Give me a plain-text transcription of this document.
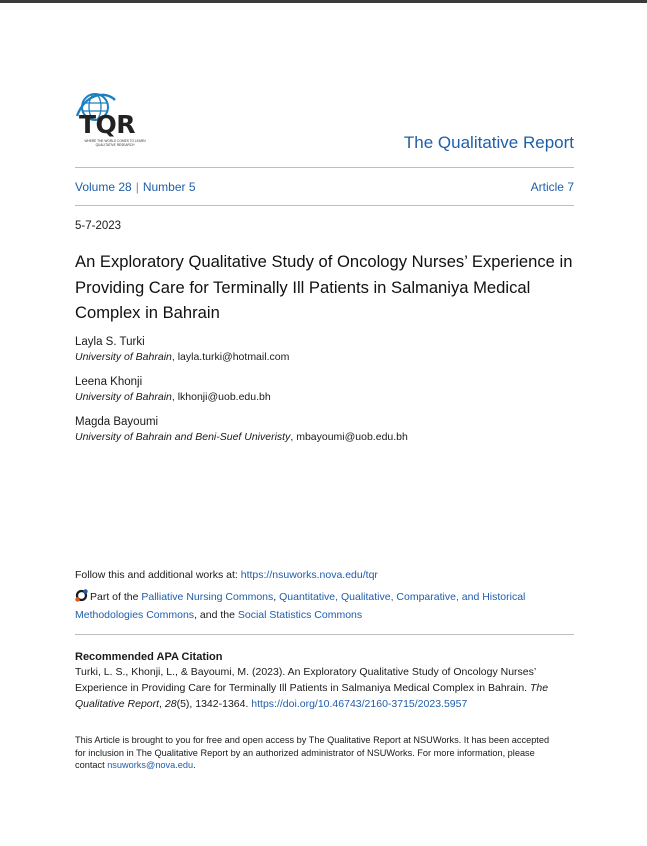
TQR
WHERE THE WORLD COMES TO LEARN QUALITATIVE RESEARCH	The Qualitative Report
Volume 28 | Number 5	Article 7
5-7-2023
An Exploratory Qualitative Study of Oncology Nurses’ Experience in Providing Care for Terminally Ill Patients in Salmaniya Medical Complex in Bahrain
Layla S. Turki
University of Bahrain, layla.turki@hotmail.com
Leena Khonji
University of Bahrain, lkhonji@uob.edu.bh
Magda Bayoumi
University of Bahrain and Beni-Suef Univeristy, mbayoumi@uob.edu.bh
Follow this and additional works at: https://nsuworks.nova.edu/tqr
Part of the Palliative Nursing Commons, Quantitative, Qualitative, Comparative, and Historical Methodologies Commons, and the Social Statistics Commons
Recommended APA Citation
Turki, L. S., Khonji, L., & Bayoumi, M. (2023). An Exploratory Qualitative Study of Oncology Nurses’ Experience in Providing Care for Terminally Ill Patients in Salmaniya Medical Complex in Bahrain. The Qualitative Report, 28(5), 1342-1364. https://doi.org/10.46743/2160-3715/2023.5957
This Article is brought to you for free and open access by The Qualitative Report at NSUWorks. It has been accepted for inclusion in The Qualitative Report by an authorized administrator of NSUWorks. For more information, please contact nsuworks@nova.edu.
